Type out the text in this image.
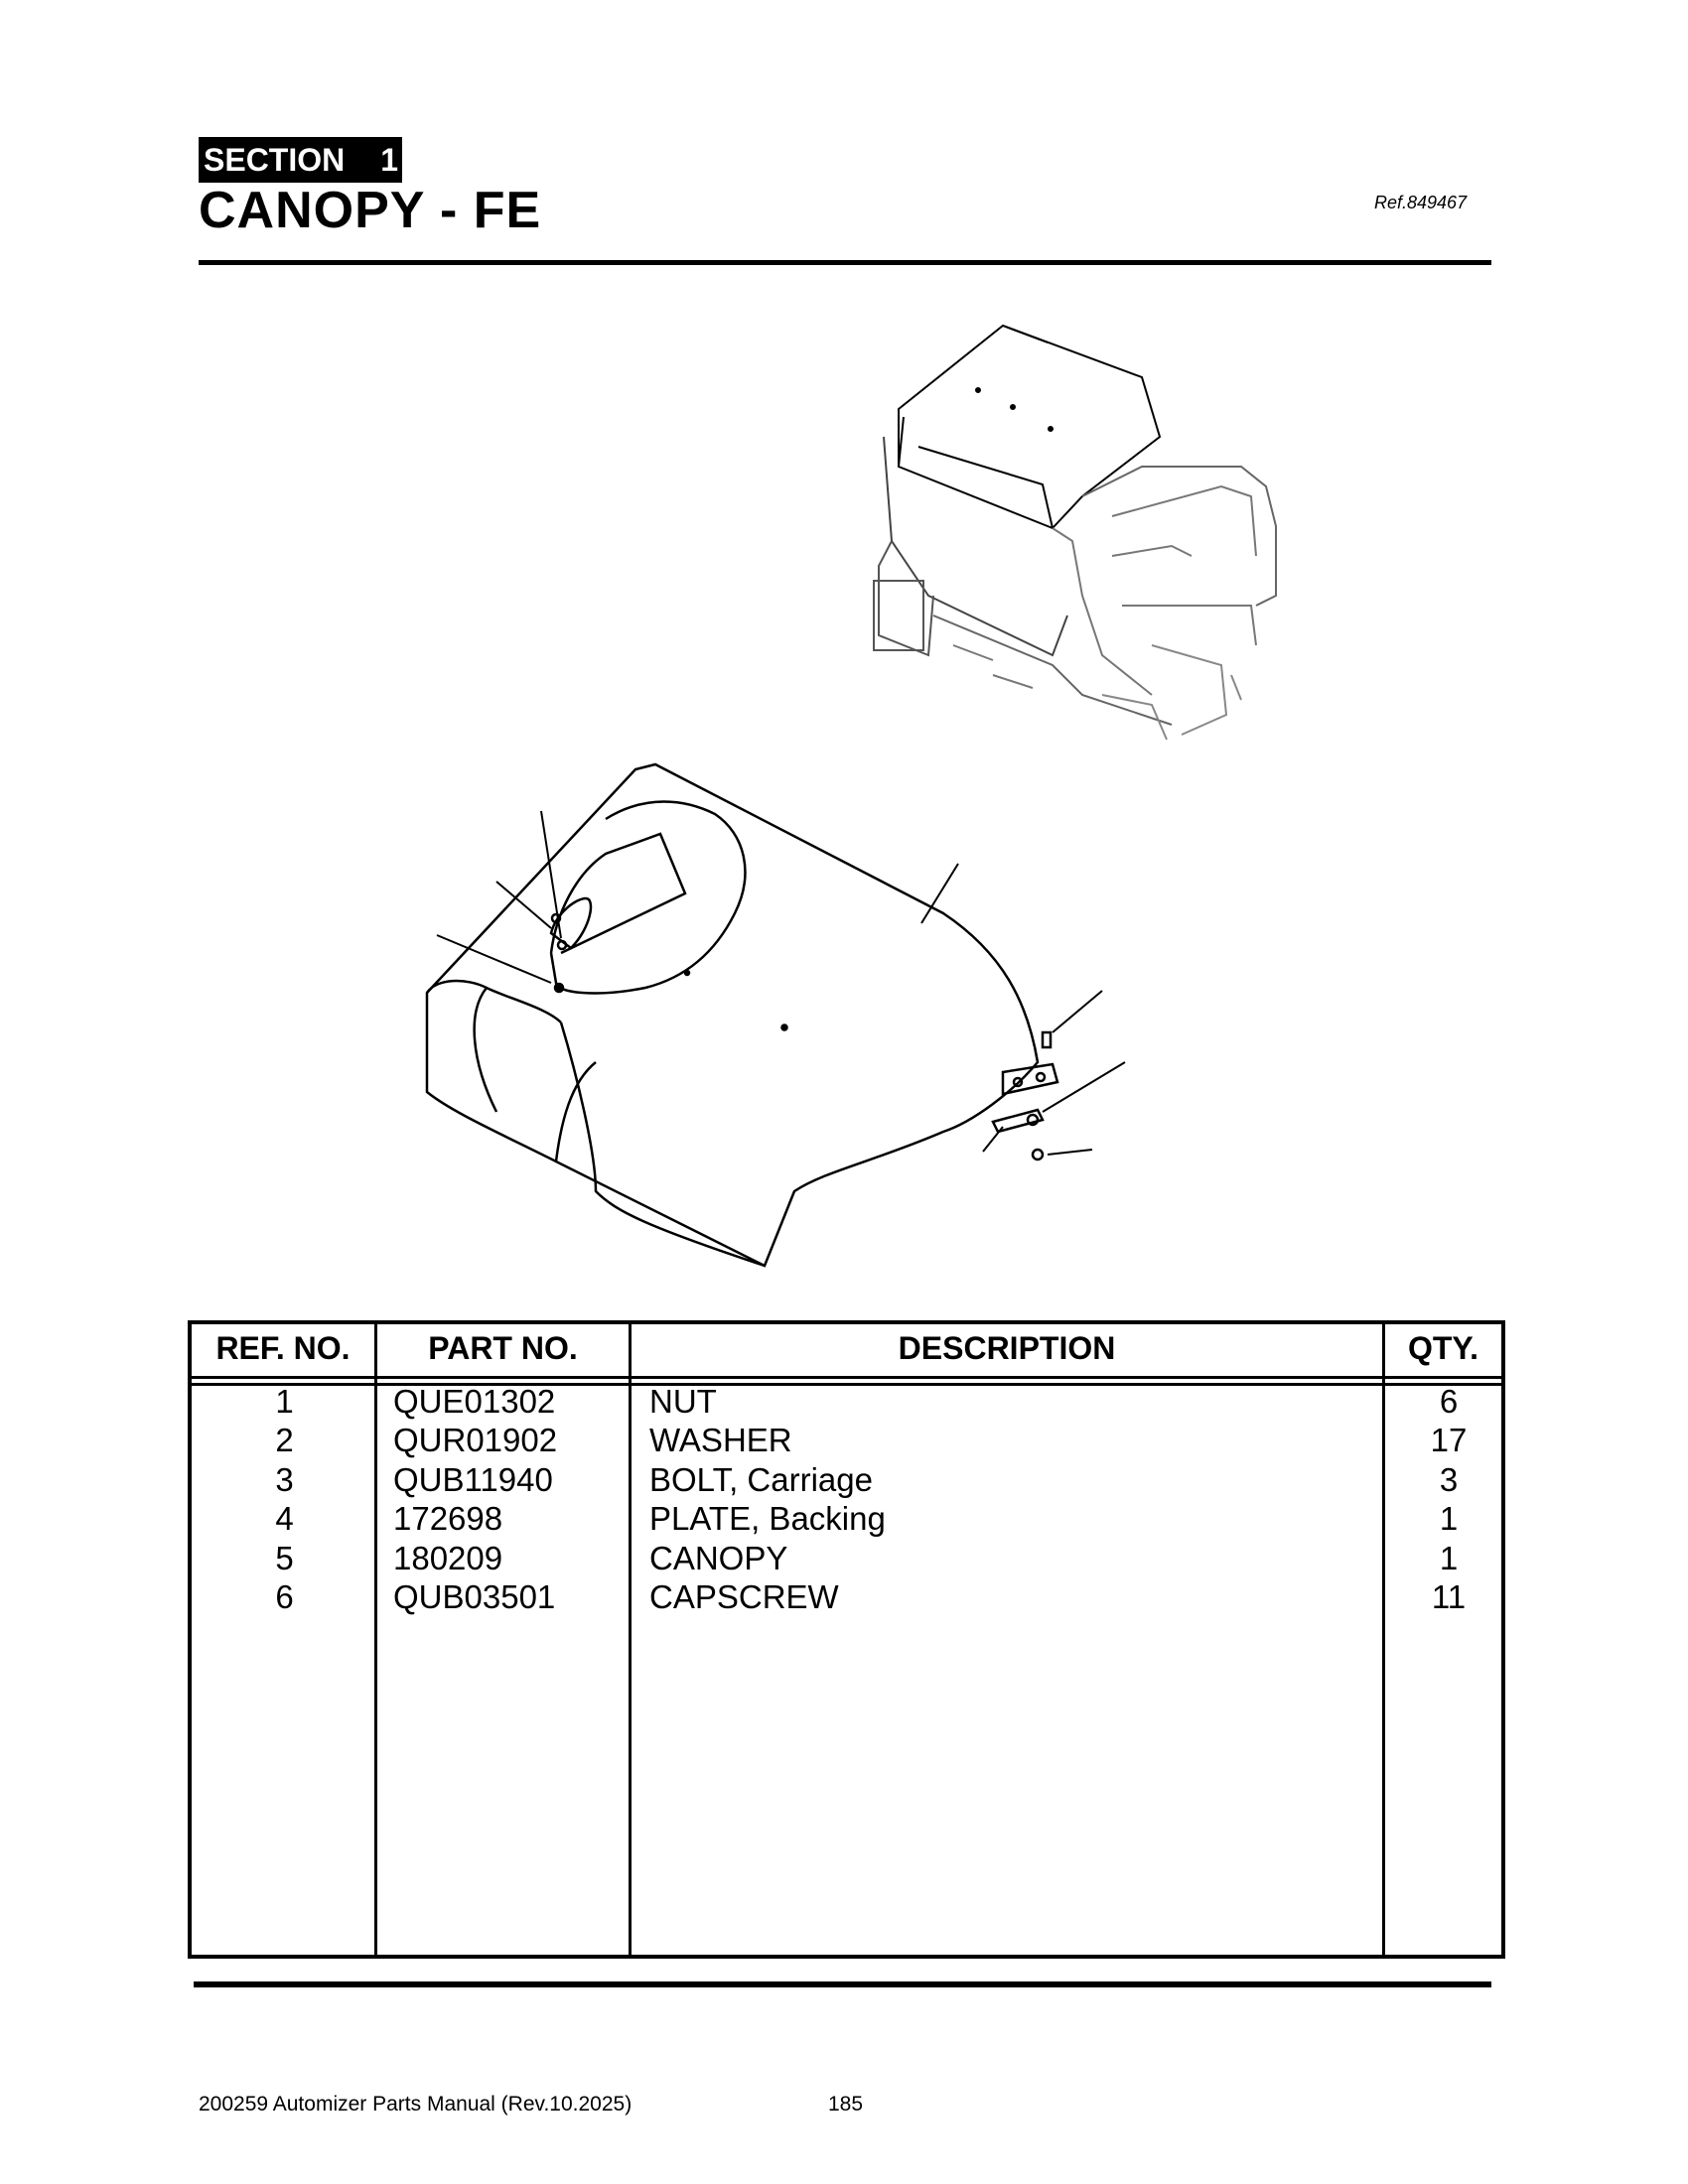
SECTION 1
CANOPY - FE	Ref.849467
REF. NO.	PART NO.	DESCRIPTION	QTY.
1	QUE01302	NUT	6
2	QUR01902	WASHER	17
3	QUB11940	BOLT, Carriage	3
4	172698	PLATE, Backing	1
5	180209	CANOPY	1
6	QUB03501	CAPSCREW	11
200259 Automizer Parts Manual (Rev.10.2025)	185
